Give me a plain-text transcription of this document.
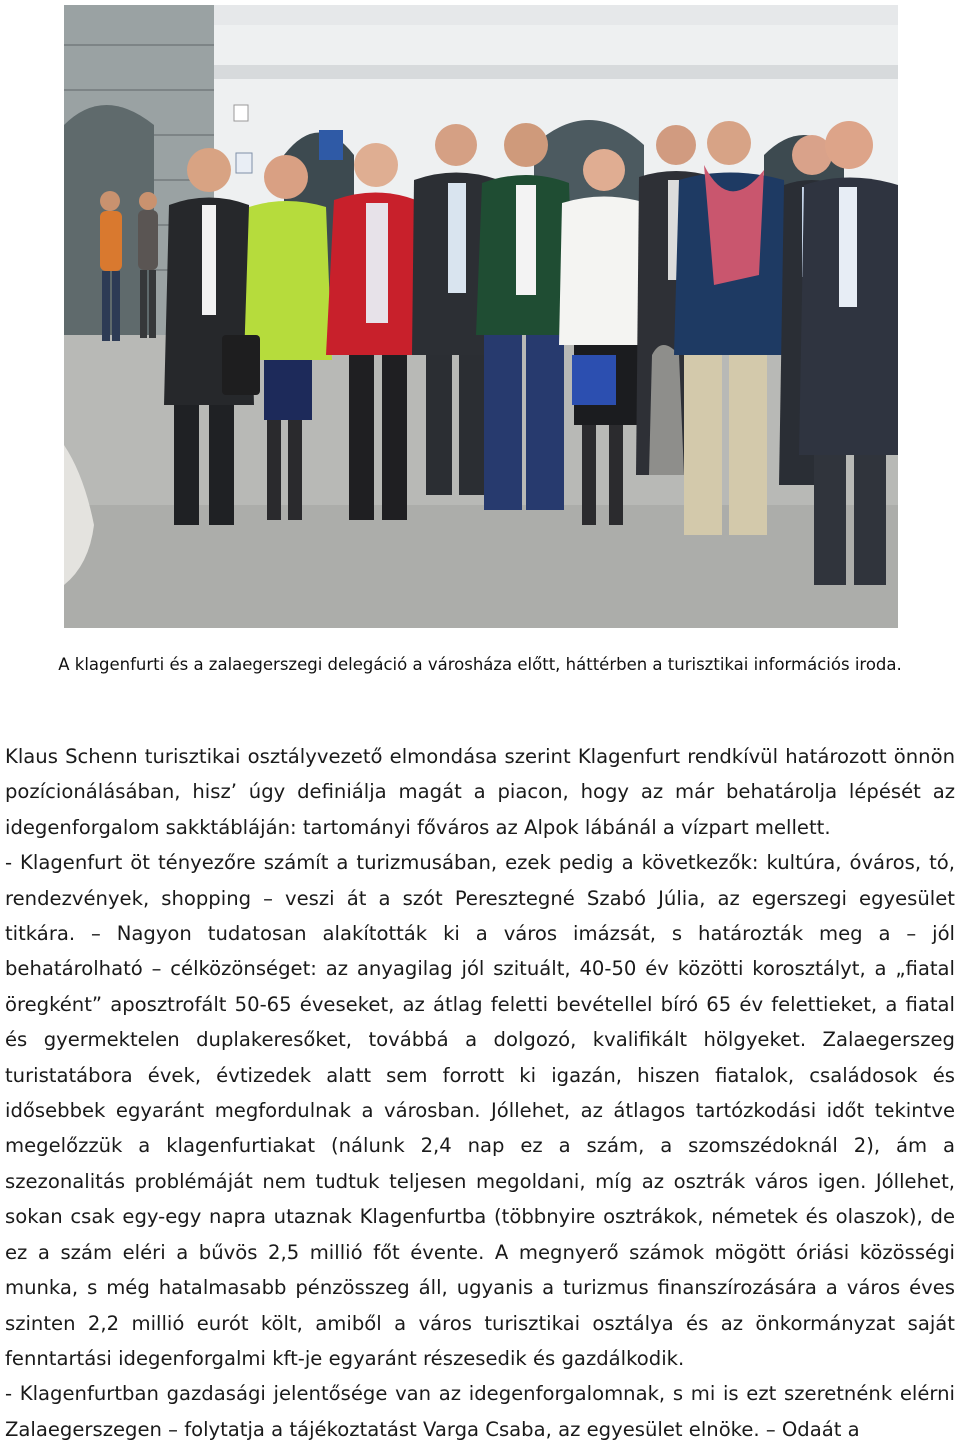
A klagenfurti és a zalaegerszegi delegáció a városháza előtt, háttérben a turisztikai információs iroda.

Klaus Schenn turisztikai osztályvezető elmondása szerint Klagenfurt rendkívül határozott önnön pozícionálásában, hisz’ úgy definiálja magát a piacon, hogy az már behatárolja lépését az idegenforgalom sakktábláján: tartományi főváros az Alpok lábánál a vízpart mellett.

- Klagenfurt öt tényezőre számít a turizmusában, ezek pedig a következők: kultúra, óváros, tó, rendezvények, shopping – veszi át a szót Peresztegné Szabó Júlia, az egerszegi egyesület titkára. – Nagyon tudatosan alakították ki a város imázsát, s határozták meg a – jól behatárolható – célközönséget: az anyagilag jól szituált, 40-50 év közötti korosztályt, a „fiatal öregként” aposztrofált 50-65 éveseket, az átlag feletti bevétellel bíró 65 év felettieket, a fiatal és gyermektelen duplakeresőket, továbbá a dolgozó, kvalifikált hölgyeket. Zalaegerszeg turistatábora évek, évtizedek alatt sem forrott ki igazán, hiszen fiatalok, családosok és idősebbek egyaránt megfordulnak a városban. Jóllehet, az átlagos tartózkodási időt tekintve megelőzzük a klagenfurtiakat (nálunk 2,4 nap ez a szám, a szomszédoknál 2), ám a szezonalitás problémáját nem tudtuk teljesen megoldani, míg az osztrák város igen. Jóllehet, sokan csak egy-egy napra utaznak Klagenfurtba (többnyire osztrákok, németek és olaszok), de ez a szám eléri a bűvös 2,5 millió főt évente. A megnyerő számok mögött óriási közösségi munka, s még hatalmasabb pénzösszeg áll, ugyanis a turizmus finanszírozására a város éves szinten 2,2 millió eurót költ, amiből a város turisztikai osztálya és az önkormányzat saját fenntartási idegenforgalmi kft-je egyaránt részesedik és gazdálkodik.

- Klagenfurtban gazdasági jelentősége van az idegenforgalomnak, s mi is ezt szeretnénk elérni Zalaegerszegen – folytatja a tájékoztatást Varga Csaba, az egyesület elnöke. – Odaát a
